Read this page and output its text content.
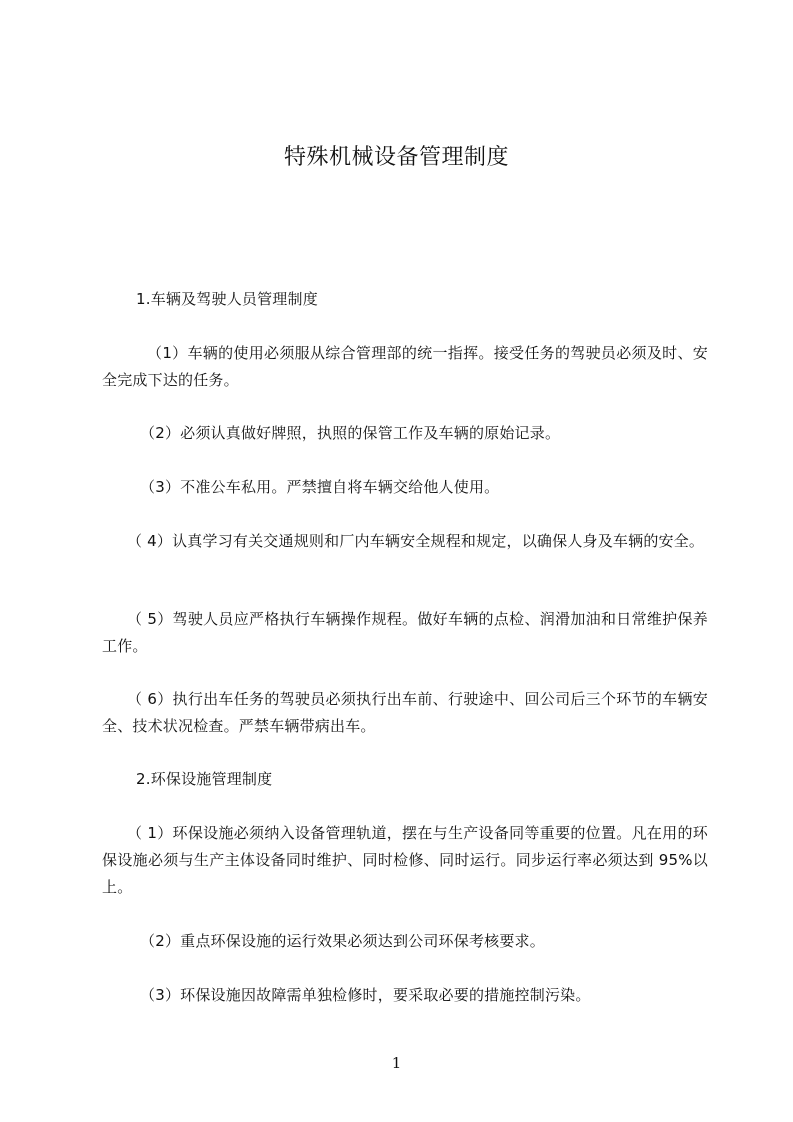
特殊机械设备管理制度

1.车辆及驾驶人员管理制度

（1）车辆的使用必须服从综合管理部的统一指挥。接受任务的驾驶员必须及时、安全完成下达的任务。

（2）必须认真做好牌照，执照的保管工作及车辆的原始记录。

（3）不准公车私用。严禁擅自将车辆交给他人使用。

（ 4）认真学习有关交通规则和厂内车辆安全规程和规定，以确保人身及车辆的安全。

（ 5）驾驶人员应严格执行车辆操作规程。做好车辆的点检、润滑加油和日常维护保养工作。

（ 6）执行出车任务的驾驶员必须执行出车前、行驶途中、回公司后三个环节的车辆安全、技术状况检查。严禁车辆带病出车。

2.环保设施管理制度

（ 1）环保设施必须纳入设备管理轨道，摆在与生产设备同等重要的位置。凡在用的环保设施必须与生产主体设备同时维护、同时检修、同时运行。同步运行率必须达到 95%以上。

（2）重点环保设施的运行效果必须达到公司环保考核要求。

（3）环保设施因故障需单独检修时，要采取必要的措施控制污染。

1
